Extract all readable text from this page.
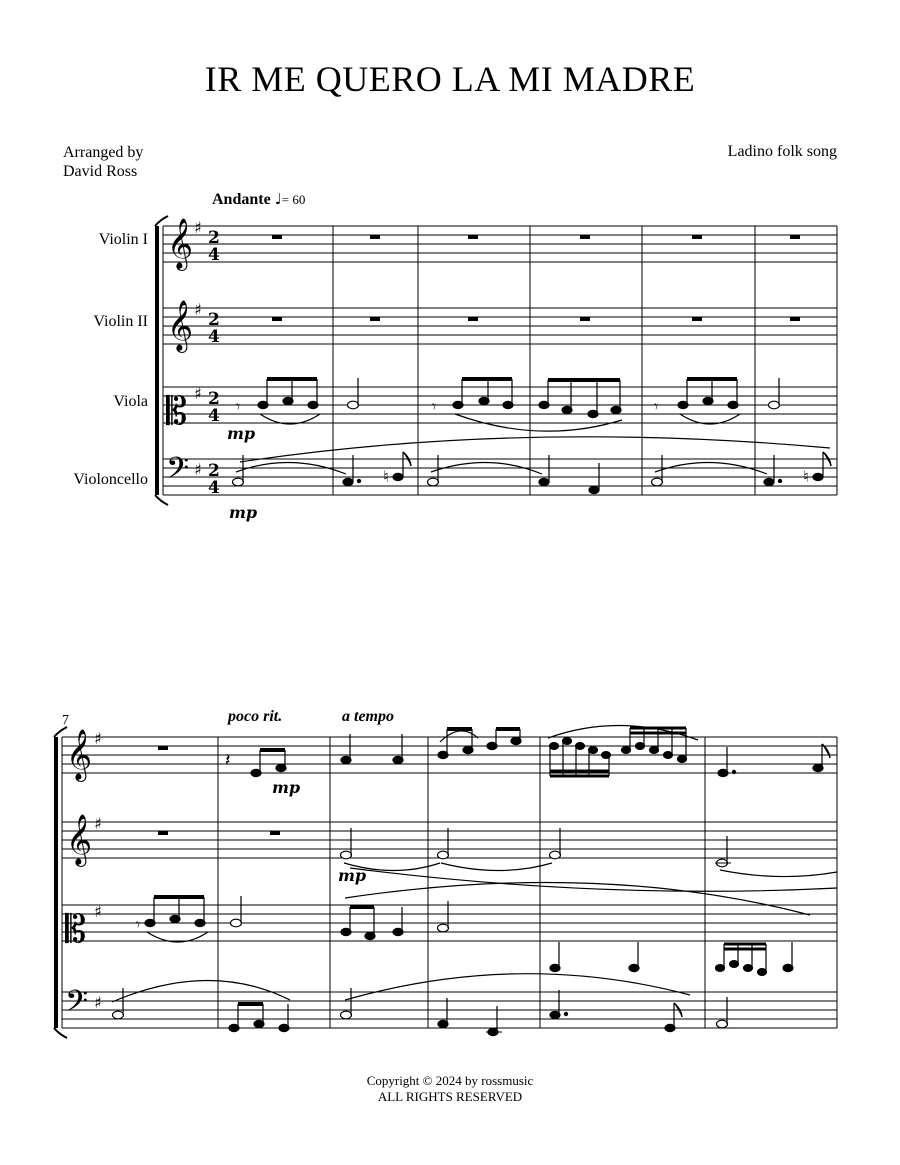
IR ME QUERO LA MI MADRE
Arranged by
David Ross
Ladino folk song
Andante ♩= 60
Violin I
Violin II
Viola
Violoncello
7	poco rit.	a tempo
mp
mp
mp
mp
𝄞
𝄞
𝄡
𝄢
♯
♯
♯
♯
2
4
2
4
2
4
2
4
𝄾	𝄾	𝄾
♮	♮
𝄞
𝄞
𝄡
𝄢
♯
♯
♯
♯
𝄽
𝄾
Copyright © 2024 by rossmusic
ALL RIGHTS RESERVED
